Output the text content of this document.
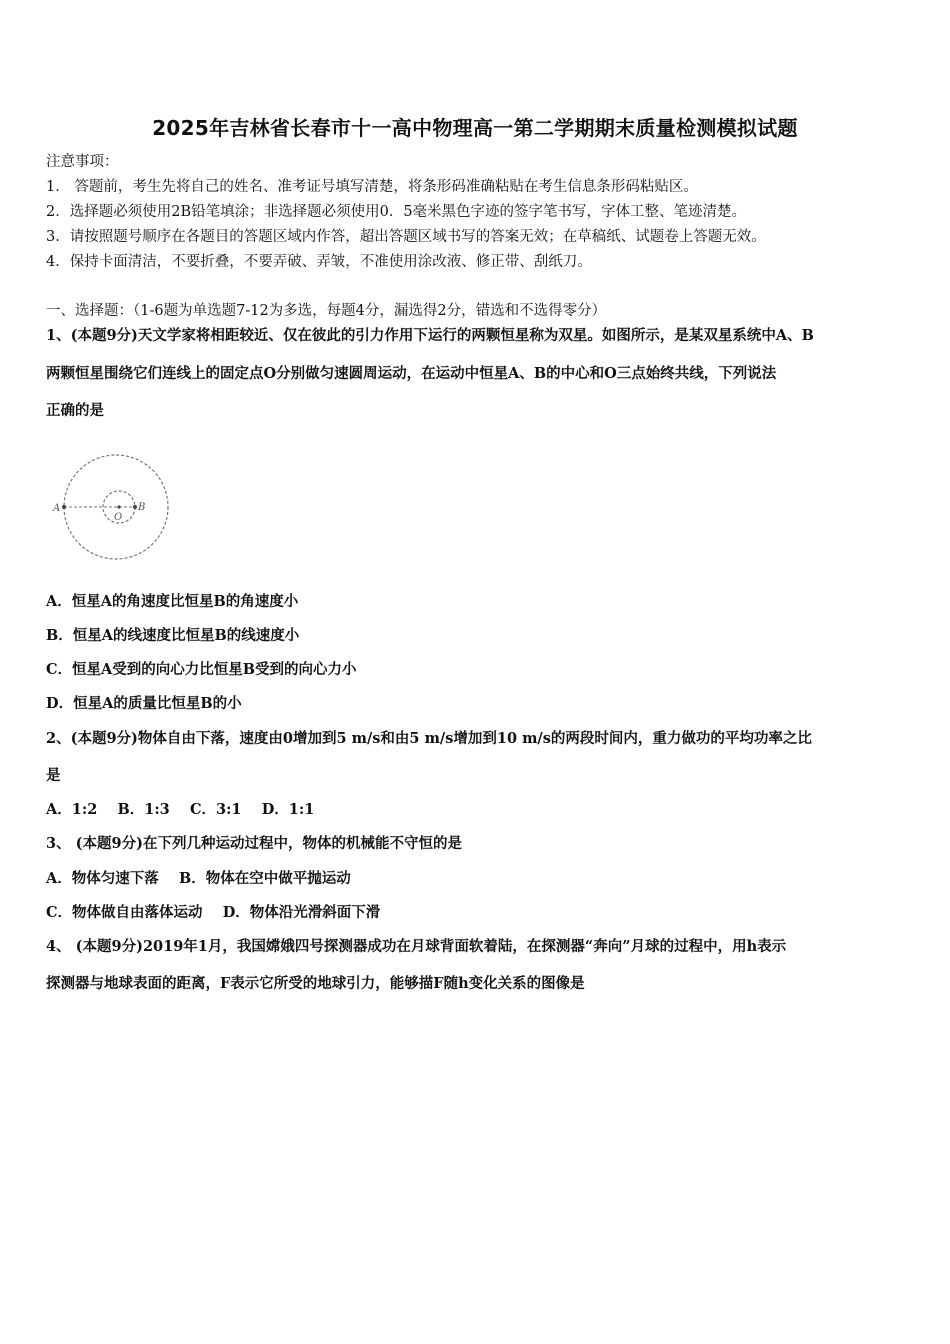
2025年吉林省长春市十一高中物理高一第二学期期末质量检测模拟试题
注意事项：
1． 答题前，考生先将自己的姓名、准考证号填写清楚，将条形码准确粘贴在考生信息条形码粘贴区。
2．选择题必须使用2B铅笔填涂；非选择题必须使用0．5毫米黑色字迹的签字笔书写，字体工整、笔迹清楚。
3．请按照题号顺序在各题目的答题区域内作答，超出答题区域书写的答案无效；在草稿纸、试题卷上答题无效。
4．保持卡面清洁，不要折叠，不要弄破、弄皱，不准使用涂改液、修正带、刮纸刀。
一、选择题：（1-6题为单选题7-12为多选，每题4分，漏选得2分，错选和不选得零分）
1、(本题9分)天文学家将相距较近、仅在彼此的引力作用下运行的两颗恒星称为双星。如图所示，是某双星系统中A、B
两颗恒星围绕它们连线上的固定点O分别做匀速圆周运动，在运动中恒星A、B的中心和O三点始终共线，下列说法
正确的是
A
O
B
A．恒星A的角速度比恒星B的角速度小
B．恒星A的线速度比恒星B的线速度小
C．恒星A受到的向心力比恒星B受到的向心力小
D．恒星A的质量比恒星B的小
2、(本题9分)物体自由下落，速度由0增加到5 m/s和由5 m/s增加到10 m/s的两段时间内，重力做功的平均功率之比
是
A．1:2    B．1:3    C．3:1    D．1:1
3、 (本题9分)在下列几种运动过程中，物体的机械能不守恒的是
A．物体匀速下落    B．物体在空中做平抛运动
C．物体做自由落体运动    D．物体沿光滑斜面下滑
4、 (本题9分)2019年1月，我国嫦娥四号探测器成功在月球背面软着陆，在探测器“奔向”月球的过程中，用h表示
探测器与地球表面的距离，F表示它所受的地球引力，能够描F随h变化关系的图像是
